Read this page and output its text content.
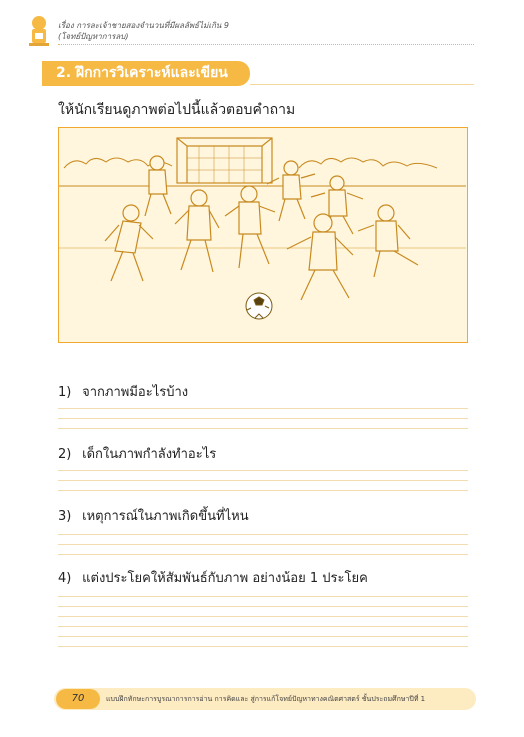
เรื่อง การละเจ้าชายสองจำนวนที่มีผลลัพธ์ไม่เกิน 9
(โจทย์ปัญหาการลบ)
2. ฝึกการวิเคราะห์และเขียน
ให้นักเรียนดูภาพต่อไปนี้แล้วตอบคำถาม
1) จากภาพมีอะไรบ้าง
2) เด็กในภาพกำลังทำอะไร
3) เหตุการณ์ในภาพเกิดขึ้นที่ไหน
4) แต่งประโยคให้สัมพันธ์กับภาพ อย่างน้อย 1 ประโยค
70	แบบฝึกทักษะการบูรณาการการอ่าน การคิดและ สู่การแก้โจทย์ปัญหาทางคณิตศาสตร์ ชั้นประถมศึกษาปีที่ 1
